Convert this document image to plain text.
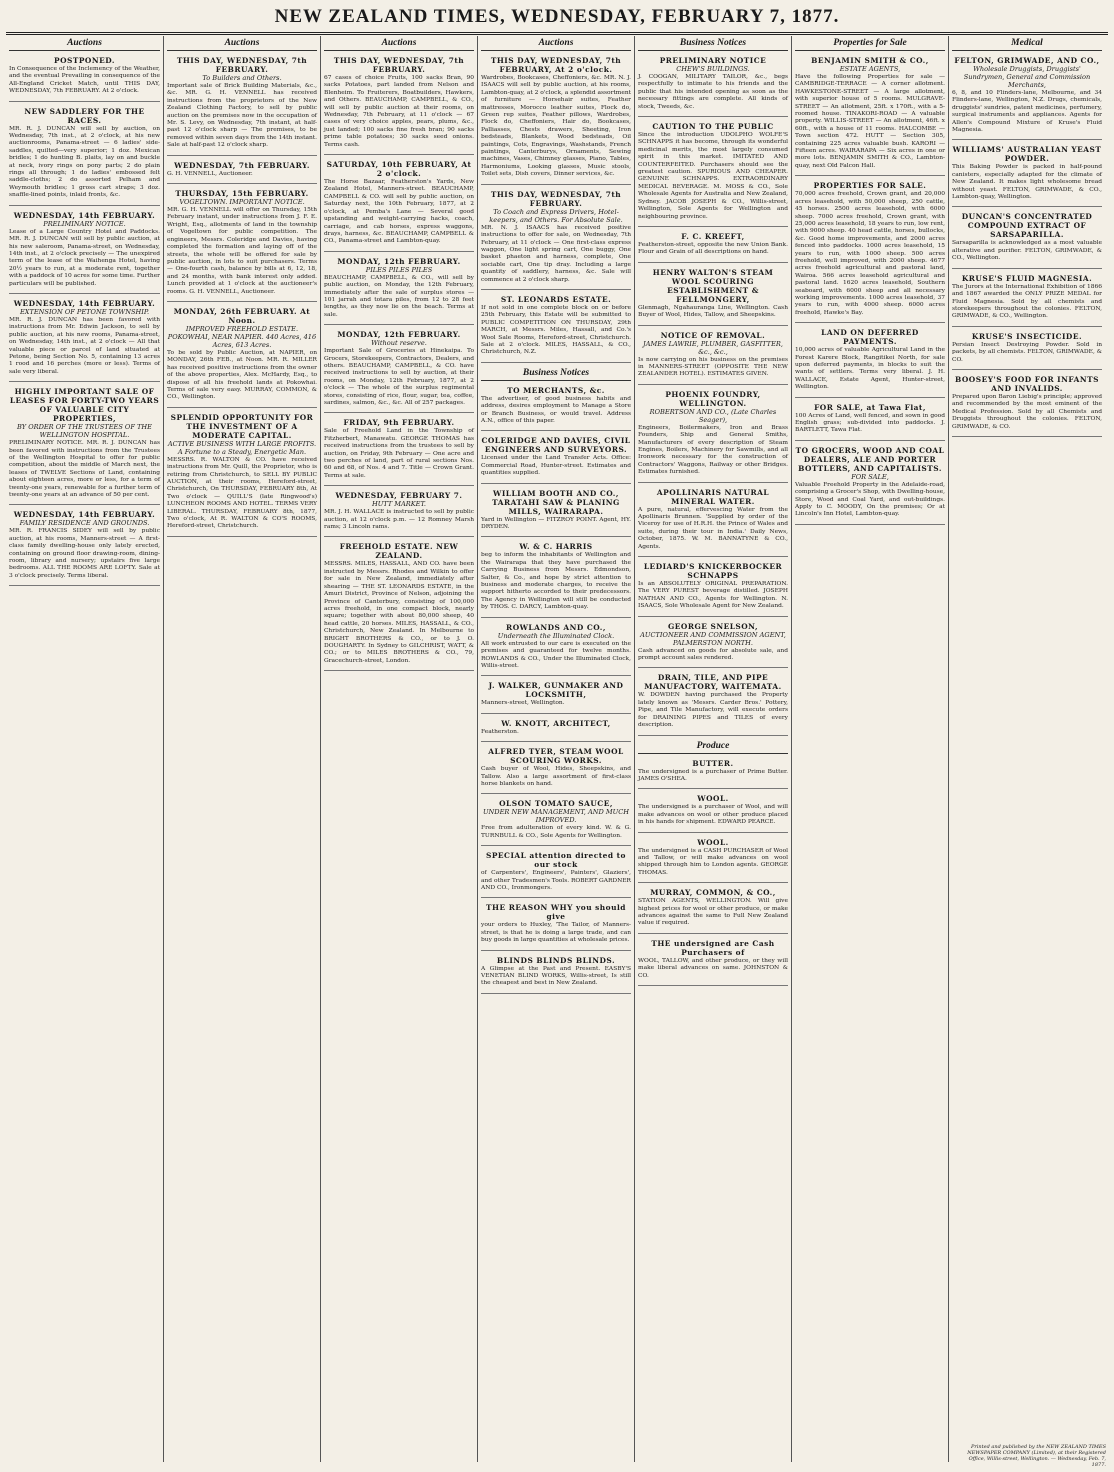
NEW ZEALAND TIMES, WEDNESDAY, FEBRUARY 7, 1877.
Auctions
POSTPONED.

In Consequence of the Inclemency of the Weather, and the eventual Prevailing in consequence of the All-England Cricket Match, until THIS DAY, WEDNESDAY, 7th FEBRUARY. At 2 o'clock.

NEW SADDLERY FOR THE RACES.

MR. R. J. DUNCAN will sell by auction, on Wednesday, 7th inst., at 2 o'clock, at his new auctionrooms, Panama-street — 6 ladies' side-saddles, quilted—very superior; 1 doz. Mexican bridles; 1 do hunting B. plaits, lay on and buckle at neck, ivory rings on pony parts; 2 do plain rings all through; 1 do ladies' embossed felt saddle-cloths; 2 do assorted Pelham and Weymouth bridles; 1 gross cart straps; 3 doz. snaffle-lined points, inlaid fronts, &c.

WEDNESDAY, 14th FEBRUARY.
PRELIMINARY NOTICE.

Lease of a Large Country Hotel and Paddocks. MR. R. J. DUNCAN will sell by public auction, at his new saleroom, Panama-street, on Wednesday, 14th inst., at 2 o'clock precisely — The unexpired term of the lease of the Waihenga Hotel, having 20½ years to run, at a moderate rent, together with a paddock of 10 acres for some time. Further particulars will be published.

WEDNESDAY, 14th FEBRUARY.
EXTENSION OF PETONE TOWNSHIP.

MR. R. J. DUNCAN has been favored with instructions from Mr. Edwin Jackson, to sell by public auction, at his new rooms, Panama-street, on Wednesday, 14th inst., at 2 o'clock — All that valuable piece or parcel of land situated at Petone, being Section No. 5, containing 13 acres 1 rood and 16 perches (more or less). Terms of sale very liberal.

HIGHLY IMPORTANT SALE OF LEASES FOR FORTY-TWO YEARS OF VALUABLE CITY PROPERTIES,
BY ORDER OF THE TRUSTEES OF THE WELLINGTON HOSPITAL.

PRELIMINARY NOTICE. MR. R. J. DUNCAN has been favored with instructions from the Trustees of the Wellington Hospital to offer for public competition, about the middle of March next, the leases of TWELVE Sections of Land, containing about eighteen acres, more or less, for a term of twenty-one years, renewable for a further term of twenty-one years at an advance of 50 per cent.

WEDNESDAY, 14th FEBRUARY.
FAMILY RESIDENCE AND GROUNDS.

MR. R. FRANCIS SIDEY will sell by public auction, at his rooms, Manners-street — A first-class family dwelling-house only lately erected, containing on ground floor drawing-room, dining-room, library and nursery; upstairs five large bedrooms. ALL THE ROOMS ARE LOFTY. Sale at 3 o'clock precisely. Terms liberal.

Auctions
THIS DAY, WEDNESDAY, 7th FEBRUARY.
To Builders and Others.

Important sale of Brick Building Materials, &c., &c. MR. G. H. VENNELL has received instructions from the proprietors of the New Zealand Clothing Factory, to sell by public auction on the premises now in the occupation of Mr. S. Levy, on Wednesday, 7th instant, at half-past 12 o'clock sharp — The premises, to be removed within seven days from the 14th instant. Sale at half-past 12 o'clock sharp.

WEDNESDAY, 7th FEBRUARY.

G. H. VENNELL, Auctioneer.

THURSDAY, 15th FEBRUARY.
VOGELTOWN. IMPORTANT NOTICE.

MR. G. H. VENNELL will offer on Thursday, 15th February instant, under instructions from J. F. E. Wright, Esq., allotments of land in the township of Vogeltown for public competition. The engineers, Messrs. Coleridge and Davies, having completed the formation and laying off of the streets, the whole will be offered for sale by public auction, in lots to suit purchasers. Terms — One-fourth cash, balance by bills at 6, 12, 18, and 24 months, with bank interest only added. Lunch provided at 1 o'clock at the auctioneer's rooms. G. H. VENNELL, Auctioneer.

MONDAY, 26th FEBRUARY. At Noon.
IMPROVED FREEHOLD ESTATE. POKOWHAI, NEAR NAPIER. 440 Acres, 416 Acres, 613 Acres.

To be sold by Public Auction, at NAPIER, on MONDAY, 26th FEB., at Noon. MR. R. MILLER has received positive instructions from the owner of the above properties, Alex. McHardy, Esq., to dispose of all his freehold lands at Pokowhai. Terms of sale very easy. MURRAY, COMMON, & CO., Wellington.

SPLENDID OPPORTUNITY FOR THE INVESTMENT OF A MODERATE CAPITAL.
ACTIVE BUSINESS WITH LARGE PROFITS. A Fortune to a Steady, Energetic Man.

MESSRS. R. WALTON & CO. have received instructions from Mr. Quill, the Proprietor, who is retiring from Christchurch, to SELL BY PUBLIC AUCTION, at their rooms, Hereford-street, Christchurch, On THURSDAY, FEBRUARY 8th, At Two o'clock — QUILL'S (late Ringwood's) LUNCHEON ROOMS AND HOTEL. TERMS VERY LIBERAL. THURSDAY, FEBRUARY 8th, 1877, Two o'clock, At R. WALTON & CO'S ROOMS, Hereford-street, Christchurch.

Auctions
THIS DAY, WEDNESDAY, 7th FEBRUARY.

67 cases of choice Fruits, 100 sacks Bran, 90 sacks Potatoes, part landed from Nelson and Blenheim. To Fruiterers, Boatbuilders, Hawkers, and Others. BEAUCHAMP, CAMPBELL, & CO., will sell by public auction at their rooms, on Wednesday, 7th February, at 11 o'clock — 67 cases of very choice apples, pears, plums, &c., just landed; 100 sacks fine fresh bran; 90 sacks prime table potatoes; 30 sacks seed onions. Terms cash.

SATURDAY, 10th FEBRUARY, At 2 o'clock.

The Horse Bazaar, Featherston's Yards, New Zealand Hotel, Manners-street. BEAUCHAMP, CAMPBELL & CO. will sell by public auction, on Saturday next, the 10th February, 1877, at 2 o'clock, at Pemba's Lane — Several good upstanding and weight-carrying hacks, coach, carriage, and cab horses, express waggons, drays, harness, &c. BEAUCHAMP, CAMPBELL & CO., Panama-street and Lambton-quay.

MONDAY, 12th FEBRUARY.
PILES PILES PILES

BEAUCHAMP, CAMPBELL, & CO., will sell by public auction, on Monday, the 12th February, immediately after the sale of surplus stores — 101 jarrah and totara piles, from 12 to 28 feet lengths, as they now lie on the beach. Terms at sale.

MONDAY, 12th FEBRUARY.
Without reserve.

Important Sale of Groceries at Hinekaipa. To Grocers, Storekeepers, Contractors, Dealers, and others. BEAUCHAMP, CAMPBELL, & CO. have received instructions to sell by auction, at their rooms, on Monday, 12th February, 1877, at 2 o'clock — The whole of the surplus regimental stores, consisting of rice, flour, sugar, tea, coffee, sardines, salmon, &c., &c. All of 257 packages.

FRIDAY, 9th FEBRUARY.

Sale of Freehold Land in the Township of Fitzherbert, Manawatu. GEORGE THOMAS has received instructions from the trustees to sell by auction, on Friday, 9th February — One acre and two perches of land, part of rural sections Nos. 60 and 68, of Nos. 4 and 7. Title — Crown Grant. Terms at sale.

WEDNESDAY, FEBRUARY 7.
HUTT MARKET.

MR. J. H. WALLACE is instructed to sell by public auction, at 12 o'clock p.m. — 12 Romney Marsh rams; 3 Lincoln rams.

FREEHOLD ESTATE. NEW ZEALAND.

MESSRS. MILES, HASSALL, AND CO. have been instructed by Messrs. Rhodes and Wilkin to offer for sale in New Zealand, immediately after shearing — THE ST. LEONARDS ESTATE, in the Amuri District, Province of Nelson, adjoining the Province of Canterbury, consisting of 100,000 acres freehold, in one compact block, nearly square; together with about 80,000 sheep, 40 head cattle, 20 horses. MILES, HASSALL, & CO., Christchurch, New Zealand. In Melbourne to BRIGHT BROTHERS & CO., or to J. O. DOUGHARTY. In Sydney to GILCHRIST, WATT, & CO.; or to MILES BROTHERS & CO., 79, Gracechurch-street, London.

Auctions
THIS DAY, WEDNESDAY, 7th FEBRUARY, At 2 o'clock.

Wardrobes, Bookcases, Cheffoniers, &c. MR. N. J. ISAACS will sell by public auction, at his rooms, Lambton-quay, at 2 o'clock, a splendid assortment of furniture — Horsehair suites, Feather mattresses, Morocco leather suites, Flock do, Green rep suites, Feather pillows, Wardrobes, Flock do, Cheffoniers, Hair do, Bookcases, Palliasses, Chests drawers, Sheeting, Iron bedsteads, Blankets, Wood bedsteads, Oil paintings, Cots, Engravings, Washstands, French paintings, Canterburys, Ornaments, Sewing machines, Vases, Chimney glasses, Piano, Tables, Harmoniums, Looking glasses, Music stools, Toilet sets, Dish covers, Dinner services, &c.

THIS DAY, WEDNESDAY, 7th FEBRUARY.
To Coach and Express Drivers, Hotel-keepers, and Others. For Absolute Sale.

MR. N. J. ISAACS has received positive instructions to offer for sale, on Wednesday, 7th February, at 11 o'clock — One first-class express waggon, One light spring cart, One buggy, One basket phaeton and harness, complete, One sociable cart, One tip dray. Including a large quantity of saddlery, harness, &c. Sale will commence at 2 o'clock sharp.

ST. LEONARDS ESTATE.

If not sold in one complete block on or before 25th February, this Estate will be submitted to PUBLIC COMPETITION ON THURSDAY, 29th MARCH, at Messrs. Miles, Hassall, and Co.'s Wool Sale Rooms, Hereford-street, Christchurch. Sale at 2 o'clock. MILES, HASSALL, & CO., Christchurch, N.Z.

Business Notices
TO MERCHANTS, &c.

The advertiser, of good business habits and address, desires employment to Manage a Store or Branch Business, or would travel. Address A.N., office of this paper.

COLERIDGE AND DAVIES, CIVIL ENGINEERS AND SURVEYORS.

Licensed under the Land Transfer Acts. Office: Commercial Road, Hunter-street. Estimates and quantities supplied.

WILLIAM BOOTH AND CO., TARATAHI SAW & PLANING MILLS, WAIRARAPA.

Yard in Wellington — FITZROY POINT. Agent, HY. DRYDEN.

W. & C. HARRIS

beg to inform the inhabitants of Wellington and the Wairarapa that they have purchased the Carrying Business from Messrs. Edmondson, Salter, & Co., and hope by strict attention to business and moderate charges, to receive the support hitherto accorded to their predecessors. The Agency in Wellington will still be conducted by THOS. C. DARCY, Lambton-quay.

ROWLANDS AND CO.,
Underneath the Illuminated Clock.

All work entrusted to our care is executed on the premises and guaranteed for twelve months. ROWLANDS & CO., Under the Illuminated Clock, Willis-street.

J. WALKER, GUNMAKER AND LOCKSMITH,

Manners-street, Wellington.

W. KNOTT, ARCHITECT,

Featherston.

ALFRED TYER, STEAM WOOL SCOURING WORKS.

Cash buyer of Wool, Hides, Sheepskins, and Tallow. Also a large assortment of first-class horse blankets on hand.

OLSON TOMATO SAUCE,
UNDER NEW MANAGEMENT, AND MUCH IMPROVED.

Free from adulteration of every kind. W. & G. TURNBULL & CO., Sole Agents for Wellington.

SPECIAL attention directed to our stock

of Carpenters', Engineers', Painters', Glaziers', and other Tradesmen's Tools. ROBERT GARDNER AND CO., Ironmongers.

THE REASON WHY you should give

your orders to Huxley, 'The Tailor, of Manners-street, is that he is doing a large trade, and can buy goods in large quantities at wholesale prices.

BLINDS BLINDS BLINDS.

A Glimpse at the Past and Present. EASBY'S VENETIAN BLIND WORKS, Willis-street, Is still the cheapest and best in New Zealand.

Business Notices
PRELIMINARY NOTICE
CHEW'S BUILDINGS.

J. COOGAN, MILITARY TAILOR, &c., begs respectfully to intimate to his friends and the public that his intended opening as soon as the necessary fittings are complete. All kinds of stock, Tweeds, &c.

CAUTION TO THE PUBLIC

Since the introduction UDOLPHO WOLFE'S SCHNAPPS it has become, through its wonderful medicinal merits, the most largely consumed spirit in this market. IMITATED AND COUNTERFEITED. Purchasers should see the greatest caution. SPURIOUS AND CHEAPER. GENUINE SCHNAPPS. EXTRAORDINARY MEDICAL BEVERAGE. M. MOSS & CO., Sole Wholesale Agents for Australia and New Zealand, Sydney. JACOB JOSEPH & CO., Willis-street, Wellington, Sole Agents for Wellington and neighbouring province.

F. C. KREEFT,

Featherston-street, opposite the new Union Bank. Flour and Grain of all descriptions on hand.

HENRY WALTON'S STEAM WOOL SCOURING ESTABLISHMENT & FELLMONGERY,

Glenmagh, Ngahauranga Line, Wellington. Cash Buyer of Wool, Hides, Tallow, and Sheepskins.

NOTICE OF REMOVAL.
JAMES LAWRIE, PLUMBER, GASFITTER, &c., &c.,

Is now carrying on his business on the premises in MANNERS-STREET (OPPOSITE THE NEW ZEALANDER HOTEL). ESTIMATES GIVEN.

PHOENIX FOUNDRY, WELLINGTON.
ROBERTSON AND CO., (Late Charles Seager),

Engineers, Boilermakers, Iron and Brass Founders, Ship and General Smiths, Manufacturers of every description of Steam Engines, Boilers, Machinery for Sawmills, and all Ironwork necessary for the construction of Contractors' Waggons, Railway or other Bridges. Estimates furnished.

APOLLINARIS NATURAL MINERAL WATER.

A pure, natural, effervescing Water from the Apollinaris Brunnen. 'Supplied by order of the Viceroy for use of H.R.H. the Prince of Wales and suite, during their tour in India.' Daily News, October, 1875. W. M. BANNATYNE & CO., Agents.

LEDIARD'S KNICKERBOCKER SCHNAPPS

Is an ABSOLUTELY ORIGINAL PREPARATION. The VERY PUREST beverage distilled. JOSEPH NATHAN AND CO., Agents for Wellington. N. ISAACS, Sole Wholesale Agent for New Zealand.

GEORGE SNELSON,
AUCTIONEER AND COMMISSION AGENT, PALMERSTON NORTH.

Cash advanced on goods for absolute sale, and prompt account sales rendered.

DRAIN, TILE, AND PIPE MANUFACTORY, WAITEMATA.

W. DOWDEN having purchased the Property lately known as 'Messrs. Carder Bros.' Pottery, Pipe, and Tile Manufactory, will execute orders for DRAINING PIPES and TILES of every description.

Produce
BUTTER.

The undersigned is a purchaser of Prime Butter. JAMES O'SHEA.

WOOL.

The undersigned is a purchaser of Wool, and will make advances on wool or other produce placed in his hands for shipment. EDWARD PEARCE.

WOOL.

The undersigned is a CASH PURCHASER of Wool and Tallow, or will make advances on wool shipped through him to London agents. GEORGE THOMAS.

MURRAY, COMMON, & CO.,

STATION AGENTS, WELLINGTON. Will give highest prices for wool or other produce, or make advances against the same to Full New Zealand value if required.

THE undersigned are Cash Purchasers of

WOOL, TALLOW, and other produce, or they will make liberal advances on same. JOHNSTON & CO.

Properties for Sale
BENJAMIN SMITH & CO.,
ESTATE AGENTS,

Have the following Properties for sale — CAMBRIDGE-TERRACE — A corner allotment. HAWKESTONE-STREET — A large allotment, with superior house of 5 rooms. MULGRAVE-STREET — An allotment, 25ft. x 170ft., with a 5-roomed house. TINAKORI-ROAD — A valuable property. WILLIS-STREET — An allotment, 46ft. x 60ft., with a house of 11 rooms. HALCOMBE — Town section 472. HUTT — Section 305, containing 225 acres valuable bush. KARORI — Fifteen acres. WAIRARAPA — Six acres in one or more lots. BENJAMIN SMITH & CO., Lambton-quay, next Old Falcon Hall.

PROPERTIES FOR SALE.

70,000 acres freehold, Crown grant, and 20,000 acres leasehold, with 50,000 sheep, 250 cattle, 45 horses. 2500 acres leasehold, with 6000 sheep. 7000 acres freehold, Crown grant, with 25,000 acres leasehold, 18 years to run, low rent, with 9000 sheep. 40 head cattle, horses, bullocks, &c. Good home improvements, and 2000 acres fenced into paddocks. 1000 acres leasehold, 15 years to run, with 1000 sheep. 500 acres freehold, well improved, with 2000 sheep. 4677 acres freehold agricultural and pastoral land, Wairoa. 566 acres leasehold agricultural and pastoral land. 1620 acres leasehold, Southern seaboard, with 6000 sheep and all necessary working improvements. 1000 acres leasehold, 37 years to run, with 4000 sheep. 6000 acres freehold, Hawke's Bay.

LAND ON DEFERRED PAYMENTS.

10,000 acres of valuable Agricultural Land in the Forest Karere Block, Rangitikei North, for sale upon deferred payments, in blocks to suit the wants of settlers. Terms very liberal. J. H. WALLACE, Estate Agent, Hunter-street, Wellington.

FOR SALE, at Tawa Flat,

100 Acres of Land, well fenced, and sown in good English grass; sub-divided into paddocks. J. BARTLETT, Tawa Flat.

TO GROCERS, WOOD AND COAL DEALERS, ALE AND PORTER BOTTLERS, AND CAPITALISTS.
FOR SALE,

Valuable Freehold Property in the Adelaide-road, comprising a Grocer's Shop, with Dwelling-house, Store, Wood and Coal Yard, and out-buildings. Apply to C. MOODY, On the premises; Or at Lincoln's Inn Hotel, Lambton-quay.

Medical
FELTON, GRIMWADE, AND CO.,
Wholesale Druggists, Druggists' Sundrymen, General and Commission Merchants,

6, 8, and 10 Flinders-lane, Melbourne, and 34 Flinders-lane, Wellington, N.Z. Drugs, chemicals, druggists' sundries, patent medicines, perfumery, surgical instruments and appliances. Agents for Allen's Compound Mixture of Kruse's Fluid Magnesia.

WILLIAMS' AUSTRALIAN YEAST POWDER.

This Baking Powder is packed in half-pound canisters, especially adapted for the climate of New Zealand. It makes light wholesome bread without yeast. FELTON, GRIMWADE, & CO., Lambton-quay, Wellington.

DUNCAN'S CONCENTRATED COMPOUND EXTRACT OF SARSAPARILLA.

Sarsaparilla is acknowledged as a most valuable alterative and purifier. FELTON, GRIMWADE, & CO., Wellington.

KRUSE'S FLUID MAGNESIA.

The Jurors at the International Exhibition of 1866 and 1867 awarded the ONLY PRIZE MEDAL for Fluid Magnesia. Sold by all chemists and storekeepers throughout the colonies. FELTON, GRIMWADE, & CO., Wellington.

KRUSE'S INSECTICIDE.

Persian Insect Destroying Powder. Sold in packets, by all chemists. FELTON, GRIMWADE, & CO.

BOOSEY'S FOOD FOR INFANTS AND INVALIDS.

Prepared upon Baron Liebig's principle; approved and recommended by the most eminent of the Medical Profession. Sold by all Chemists and Druggists throughout the colonies. FELTON, GRIMWADE, & CO.

Printed and published by the NEW ZEALAND TIMES NEWSPAPER COMPANY (Limited), at their Registered Office, Willis-street, Wellington. — Wednesday, Feb. 7, 1877.
